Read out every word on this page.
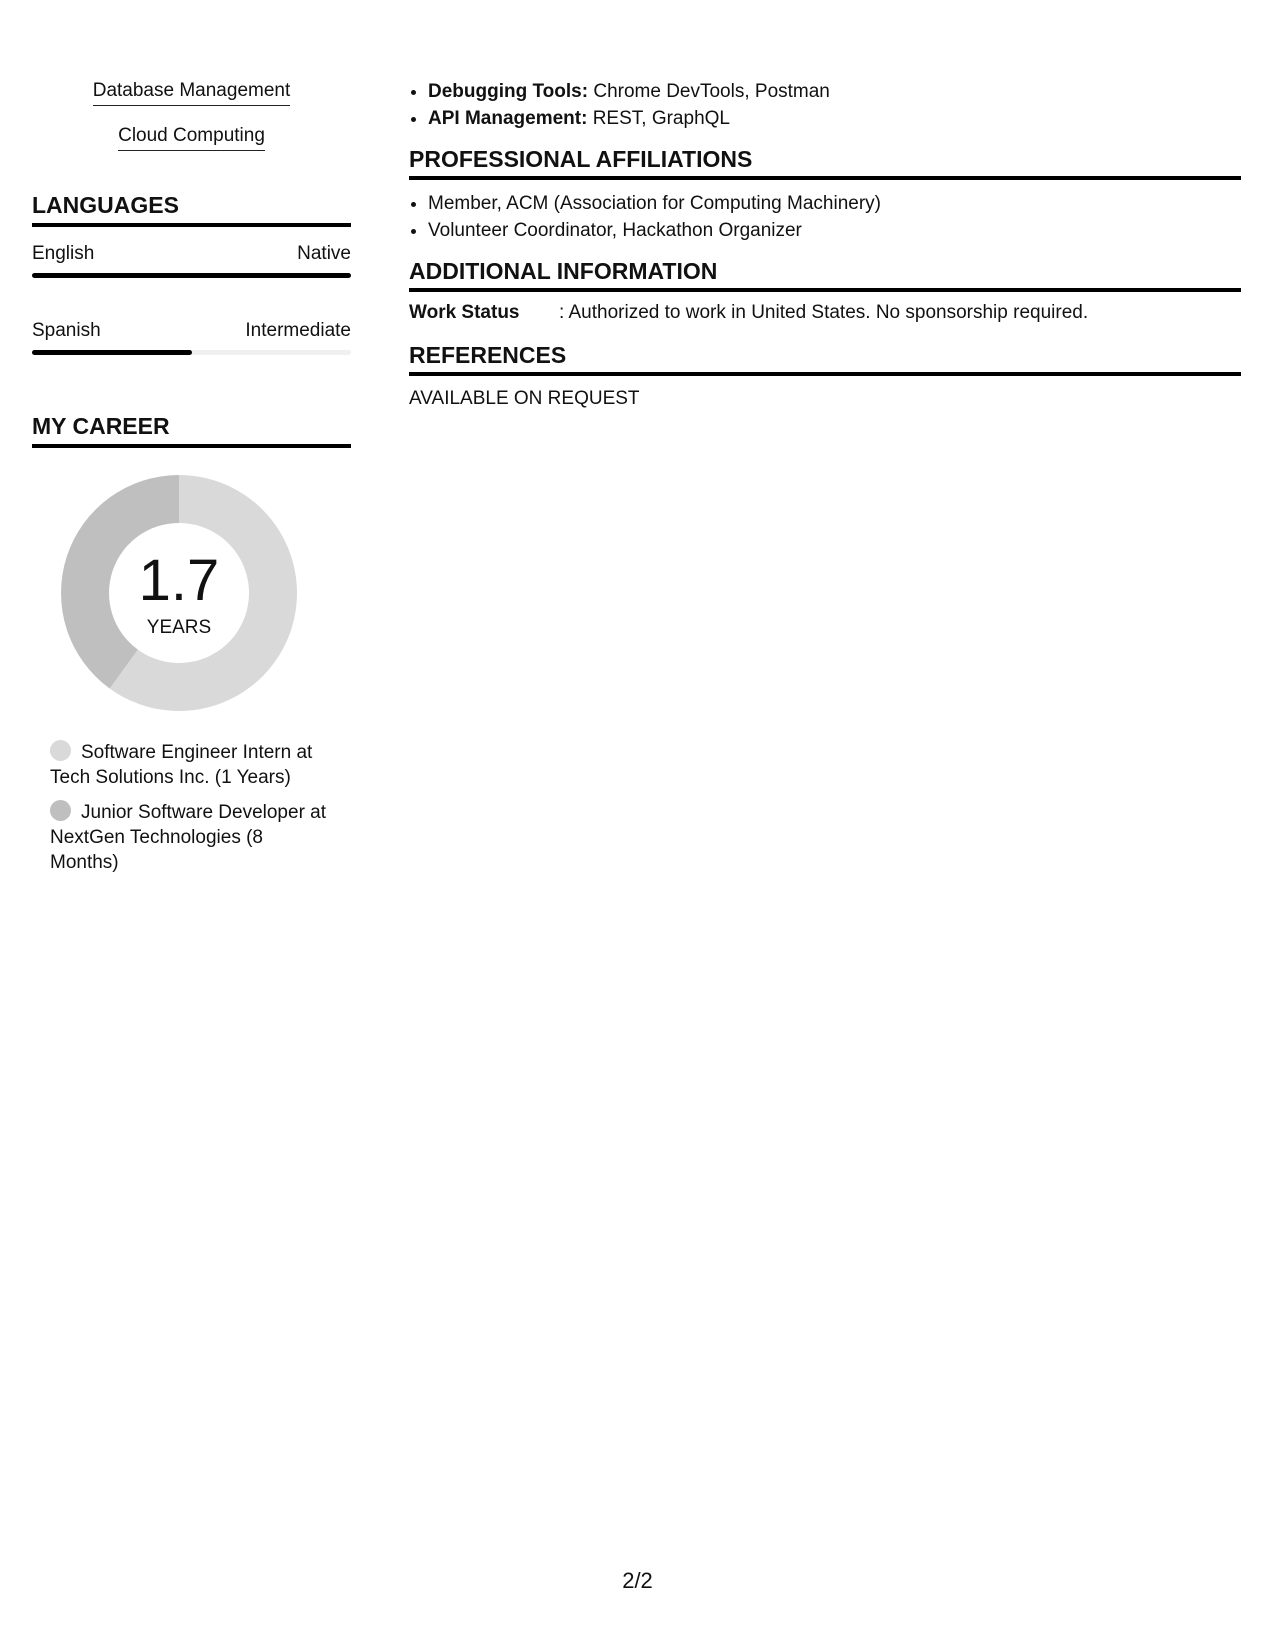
Database Management
Cloud Computing
LANGUAGES
English	Native
Spanish	Intermediate
MY CAREER
1.7
YEARS
Software Engineer Intern at Tech Solutions Inc. (1 Years)
Junior Software Developer at NextGen Technologies (8 Months)
• Debugging Tools: Chrome DevTools, Postman
• API Management: REST, GraphQL
PROFESSIONAL AFFILIATIONS
• Member, ACM (Association for Computing Machinery)
• Volunteer Coordinator, Hackathon Organizer
ADDITIONAL INFORMATION
Work Status	: Authorized to work in United States. No sponsorship required.
REFERENCES
AVAILABLE ON REQUEST
2/2
